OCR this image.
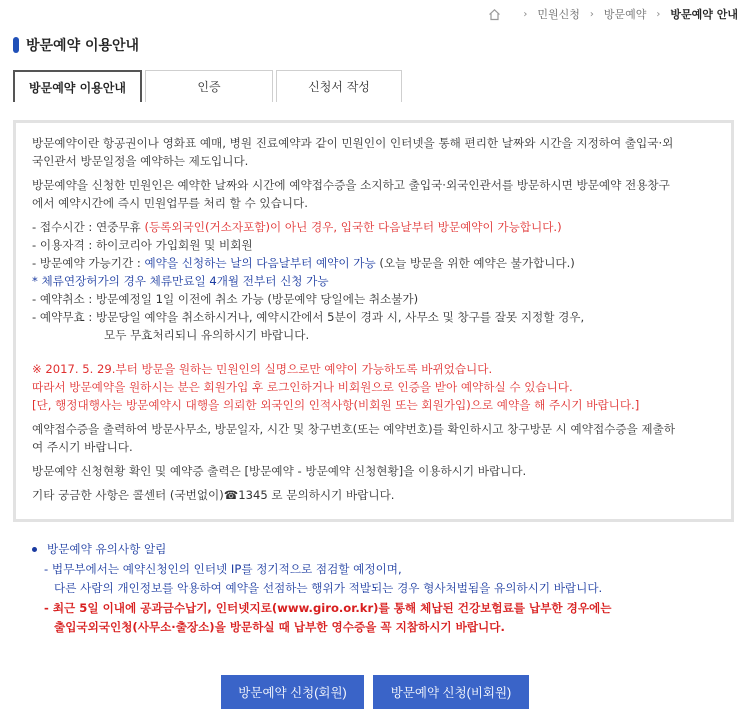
› 민원신청 › 방문예약 › 방문예약 안내
방문예약 이용안내
방문예약 이용안내	인증	신청서 작성

방문예약이란 항공권이나 영화표 예매, 병원 진료예약과 같이 민원인이 인터넷을 통해 편리한 날짜와 시간을 지정하여 출입국·외
국인관서 방문일정을 예약하는 제도입니다.

방문예약을 신청한 민원인은 예약한 날짜와 시간에 예약접수증을 소지하고 출입국·외국인관서를 방문하시면 방문예약 전용창구
에서 예약시간에 즉시 민원업무를 처리 할 수 있습니다.

- 접수시간 : 연중무휴 (등록외국인(거소자포함)이 아닌 경우, 입국한 다음날부터 방문예약이 가능합니다.)
- 이용자격 : 하이코리아 가입회원 및 비회원
- 방문예약 가능기간 : 예약을 신청하는 날의 다음날부터 예약이 가능 (오늘 방문을 위한 예약은 불가합니다.)
* 체류연장허가의 경우 체류만료일 4개월 전부터 신청 가능
- 예약취소 : 방문예정일 1일 이전에 취소 가능 (방문예약 당일에는 취소불가)
- 예약무효 : 방문당일 예약을 취소하시거나, 예약시간에서 5분이 경과 시, 사무소 및 창구를 잘못 지정할 경우,
모두 무효처리되니 유의하시기 바랍니다.

※ 2017. 5. 29.부터 방문을 원하는 민원인의 실명으로만 예약이 가능하도록 바뀌었습니다.
따라서 방문예약을 원하시는 분은 회원가입 후 로그인하거나 비회원으로 인증을 받아 예약하실 수 있습니다.
[단, 행정대행사는 방문예약시 대행을 의뢰한 외국인의 인적사항(비회원 또는 회원가입)으로 예약을 해 주시기 바랍니다.]

예약접수증을 출력하여 방문사무소, 방문일자, 시간 및 창구번호(또는 예약번호)를 확인하시고 창구방문 시 예약접수증을 제출하
여 주시기 바랍니다.

방문예약 신청현황 확인 및 예약증 출력은 [방문예약 - 방문예약 신청현황]을 이용하시기 바랍니다.

기타 궁금한 사항은 콜센터 (국번없이)☎1345 로 문의하시기 바랍니다.

방문예약 유의사항 알림
- 법무부에서는 예약신청인의 인터넷 IP를 정기적으로 점검할 예정이며,
다른 사람의 개인정보를 악용하여 예약을 선점하는 행위가 적발되는 경우 형사처벌됨을 유의하시기 바랍니다.
- 최근 5일 이내에 공과금수납기, 인터넷지로(www.giro.or.kr)를 통해 체납된 건강보험료를 납부한 경우에는
출입국외국인청(사무소·출장소)을 방문하실 때 납부한 영수증을 꼭 지참하시기 바랍니다.
방문예약 신청(회원)	방문예약 신청(비회원)
